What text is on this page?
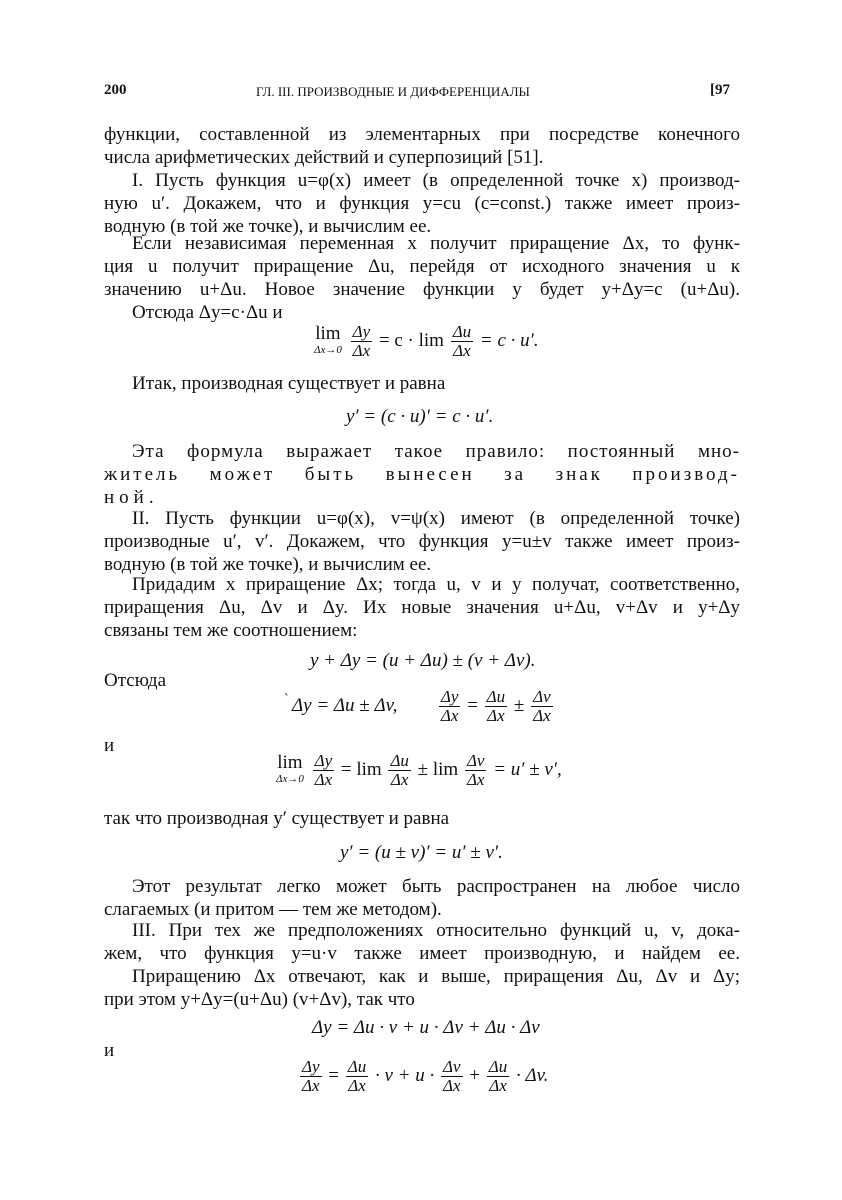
200	ГЛ. III. ПРОИЗВОДНЫЕ И ДИФФЕРЕНЦИАЛЫ	[97
функции, составленной из элементарных при посредстве конечного
числа арифметических действий и суперпозиций [51].
I. Пусть функция u=φ(x) имеет (в определенной точке x) производ-
ную u′. Докажем, что и функция y=cu (c=const.) также имеет произ-
водную (в той же точке), и вычислим ее.
Если независимая переменная x получит приращение Δx, то функ-
ция u получит приращение Δu, перейдя от исходного значения u к
значению u+Δu. Новое значение функции y будет y+Δy=c (u+Δu).
Отсюда Δy=c·Δu и
lim
Δx→0
$\frac{\Delta y}{\Delta x} = c \cdot \lim \frac{\Delta u}{\Delta x} = c \cdot u'$.
Итак, производная существует и равна
y′ = (c · u)′ = c · u′.
Эта формула выражает такое правило: постоянный мно-
житель может быть вынесен за знак производ-
ной.
II. Пусть функции u=φ(x), v=ψ(x) имеют (в определенной точке)
производные u′, v′. Докажем, что функция y=u±v также имеет произ-
водную (в той же точке), и вычислим ее.
Придадим x приращение Δx; тогда u, v и y получат, соответственно,
приращения Δu, Δv и Δy. Их новые значения u+Δu, v+Δv и y+Δy
связаны тем же соотношением:
y + Δy = (u + Δu) ± (v + Δv).
Отсюда
ˋ Δy = Δu ± Δv, $\frac{\Delta y}{\Delta x} = \frac{\Delta u}{\Delta x} \pm \frac{\Delta v}{\Delta x}$
и
lim
Δx→0
$\frac{\Delta y}{\Delta x} = \lim \frac{\Delta u}{\Delta x} \pm \lim \frac{\Delta v}{\Delta x} = u' \pm v'$,
так что производная y′ существует и равна
y′ = (u ± v)′ = u′ ± v′.
Этот результат легко может быть распространен на любое число
слагаемых (и притом — тем же методом).
III. При тех же предположениях относительно функций u, v, дока-
жем, что функция y=u·v также имеет производную, и найдем ее.
Приращению Δx отвечают, как и выше, приращения Δu, Δv и Δy;
при этом y+Δy=(u+Δu) (v+Δv), так что
Δy = Δu · v + u · Δv + Δu · Δv
и
$\frac{\Delta y}{\Delta x} = \frac{\Delta u}{\Delta x} \cdot v + u \cdot \frac{\Delta v}{\Delta x} + \frac{\Delta u}{\Delta x} \cdot \Delta v$.
